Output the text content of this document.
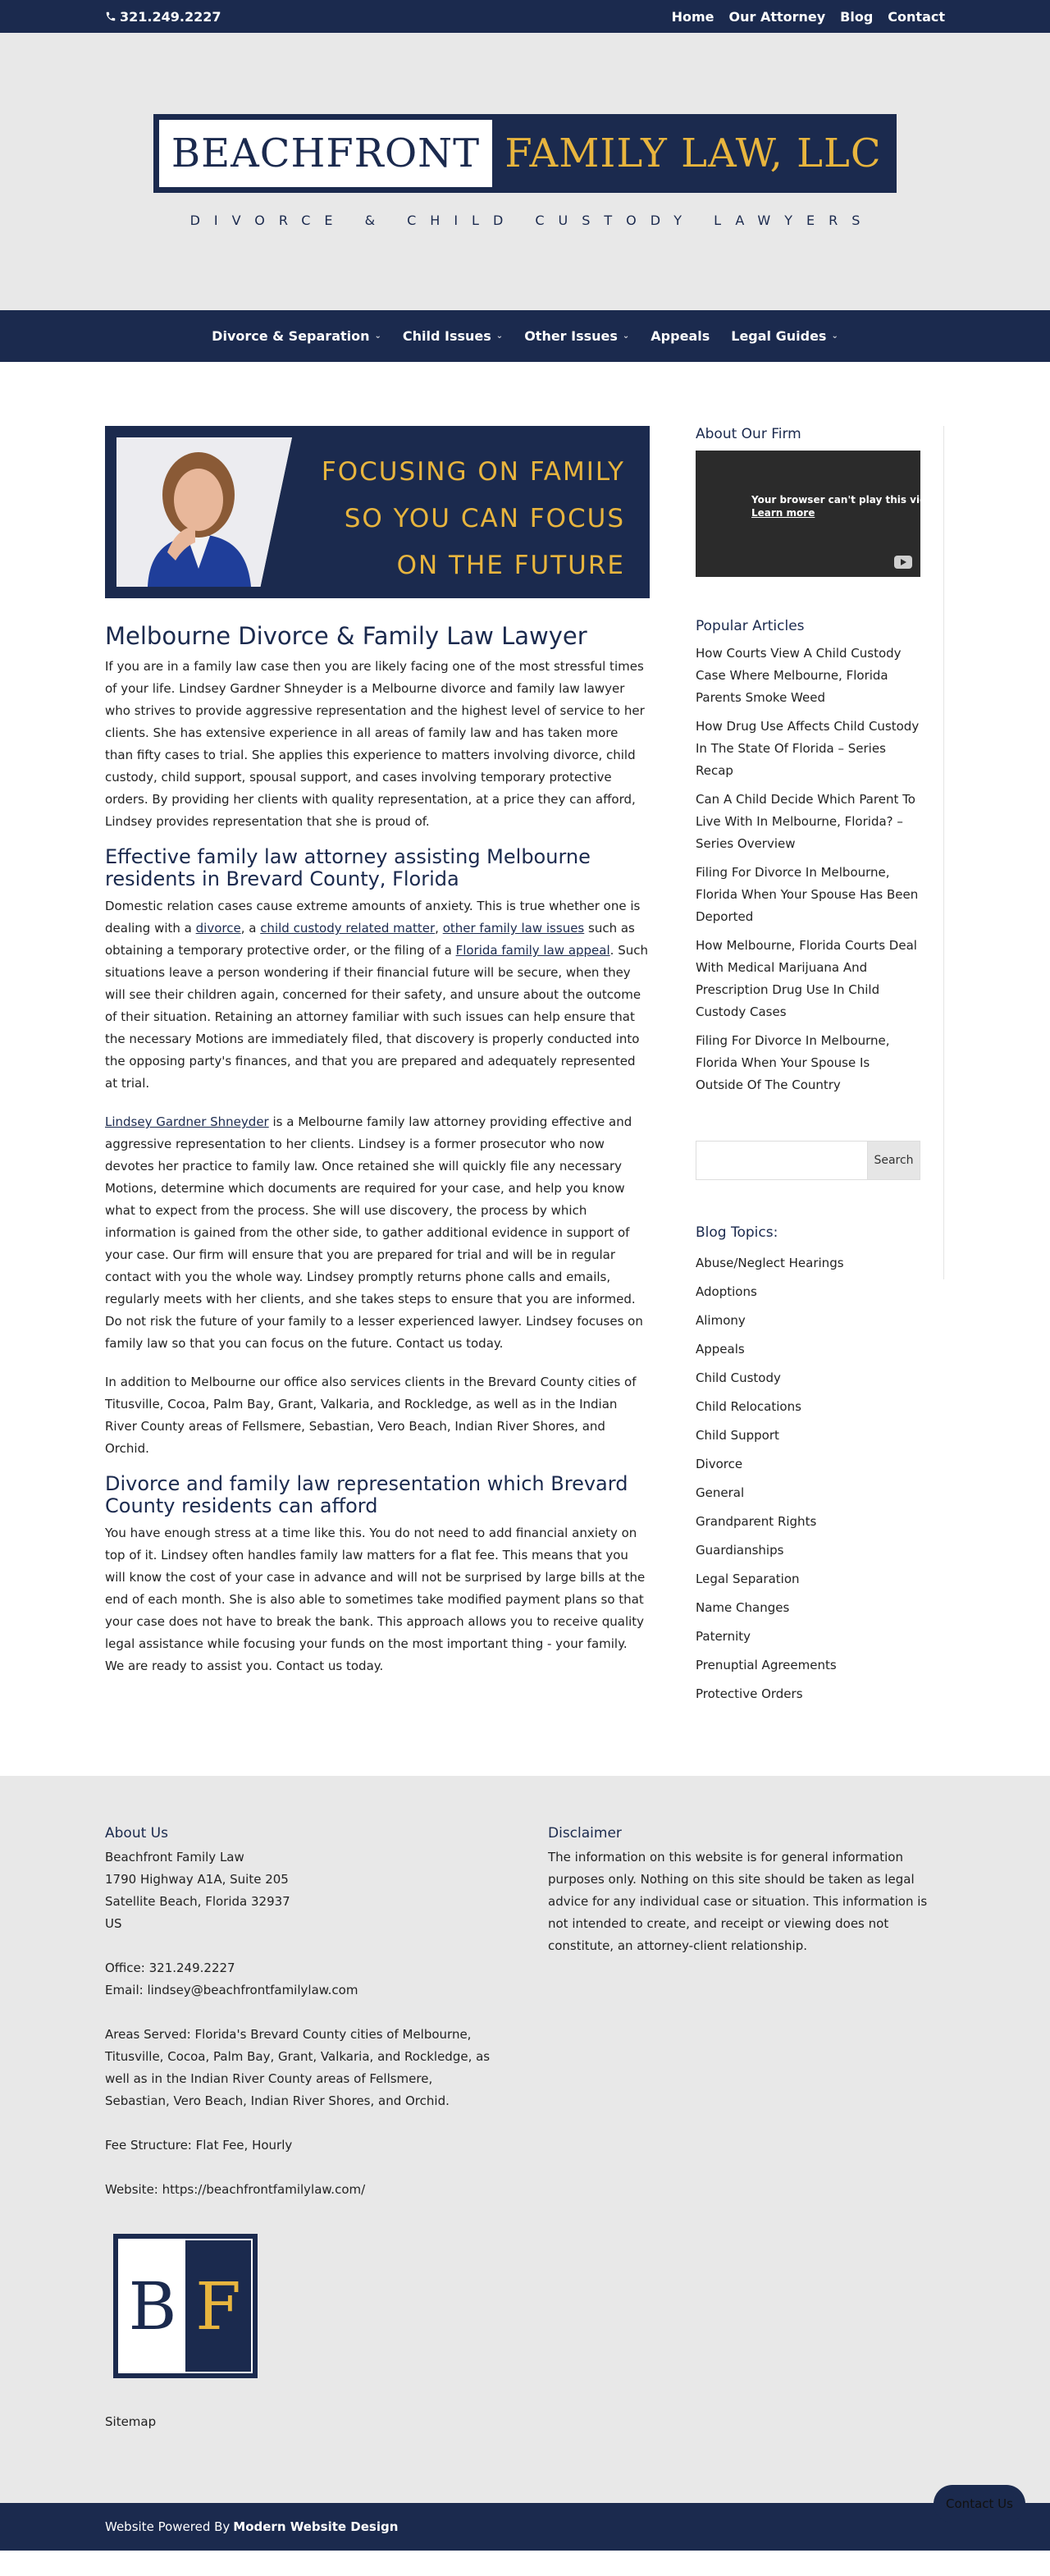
321.249.2227	Home Our Attorney Blog Contact
BEACHFRONT FAMILY LAW, LLC
DIVORCE & CHILD CUSTODY LAWYERS
Divorce & Separation ⌄ Child Issues ⌄ Other Issues ⌄ Appeals Legal Guides ⌄
FOCUSING ON FAMILY
SO YOU CAN FOCUS
ON THE FUTURE
Melbourne Divorce & Family Law Lawyer

If you are in a family law case then you are likely facing one of the most stressful times of your life. Lindsey Gardner Shneyder is a Melbourne divorce and family law lawyer who strives to provide aggressive representation and the highest level of service to her clients. She has extensive experience in all areas of family law and has taken more than fifty cases to trial. She applies this experience to matters involving divorce, child custody, child support, spousal support, and cases involving temporary protective orders. By providing her clients with quality representation, at a price they can afford, Lindsey provides representation that she is proud of.

Effective family law attorney assisting Melbourne residents in Brevard County, Florida

Domestic relation cases cause extreme amounts of anxiety. This is true whether one is dealing with a divorce, a child custody related matter, other family law issues such as obtaining a temporary protective order, or the filing of a Florida family law appeal. Such situations leave a person wondering if their financial future will be secure, when they will see their children again, concerned for their safety, and unsure about the outcome of their situation. Retaining an attorney familiar with such issues can help ensure that the necessary Motions are immediately filed, that discovery is properly conducted into the opposing party's finances, and that you are prepared and adequately represented at trial.

Lindsey Gardner Shneyder is a Melbourne family law attorney providing effective and aggressive representation to her clients. Lindsey is a former prosecutor who now devotes her practice to family law. Once retained she will quickly file any necessary Motions, determine which documents are required for your case, and help you know what to expect from the process. She will use discovery, the process by which information is gained from the other side, to gather additional evidence in support of your case. Our firm will ensure that you are prepared for trial and will be in regular contact with you the whole way. Lindsey promptly returns phone calls and emails, regularly meets with her clients, and she takes steps to ensure that you are informed. Do not risk the future of your family to a lesser experienced lawyer. Lindsey focuses on family law so that you can focus on the future. Contact us today.

In addition to Melbourne our office also services clients in the Brevard County cities of Titusville, Cocoa, Palm Bay, Grant, Valkaria, and Rockledge, as well as in the Indian River County areas of Fellsmere, Sebastian, Vero Beach, Indian River Shores, and Orchid.

Divorce and family law representation which Brevard County residents can afford

You have enough stress at a time like this. You do not need to add financial anxiety on top of it. Lindsey often handles family law matters for a flat fee. This means that you will know the cost of your case in advance and will not be surprised by large bills at the end of each month. She is also able to sometimes take modified payment plans so that your case does not have to break the bank. This approach allows you to receive quality legal assistance while focusing your funds on the most important thing - your family. We are ready to assist you. Contact us today.

About Our Firm
Your browser can't play this video.
Learn more
Popular Articles
How Courts View A Child Custody Case Where Melbourne, Florida Parents Smoke Weed
How Drug Use Affects Child Custody In The State Of Florida – Series Recap
Can A Child Decide Which Parent To Live With In Melbourne, Florida? – Series Overview
Filing For Divorce In Melbourne, Florida When Your Spouse Has Been Deported
How Melbourne, Florida Courts Deal With Medical Marijuana And Prescription Drug Use In Child Custody Cases
Filing For Divorce In Melbourne, Florida When Your Spouse Is Outside Of The Country
Search
Blog Topics:
Abuse/Neglect Hearings
Adoptions
Alimony
Appeals
Child Custody
Child Relocations
Child Support
Divorce
General
Grandparent Rights
Guardianships
Legal Separation
Name Changes
Paternity
Prenuptial Agreements
Protective Orders
About Us
Beachfront Family Law
1790 Highway A1A, Suite 205
Satellite Beach, Florida 32937
US
Office: 321.249.2227
Email: lindsey@beachfrontfamilylaw.com
Areas Served: Florida's Brevard County cities of Melbourne, Titusville, Cocoa, Palm Bay, Grant, Valkaria, and Rockledge, as well as in the Indian River County areas of Fellsmere, Sebastian, Vero Beach, Indian River Shores, and Orchid.
Fee Structure: Flat Fee, Hourly
Website: https://beachfrontfamilylaw.com/
B F
Sitemap
Disclaimer
The information on this website is for general information purposes only. Nothing on this site should be taken as legal advice for any individual case or situation. This information is not intended to create, and receipt or viewing does not constitute, an attorney-client relationship.
Website Powered By Modern Website Design
Contact Us
